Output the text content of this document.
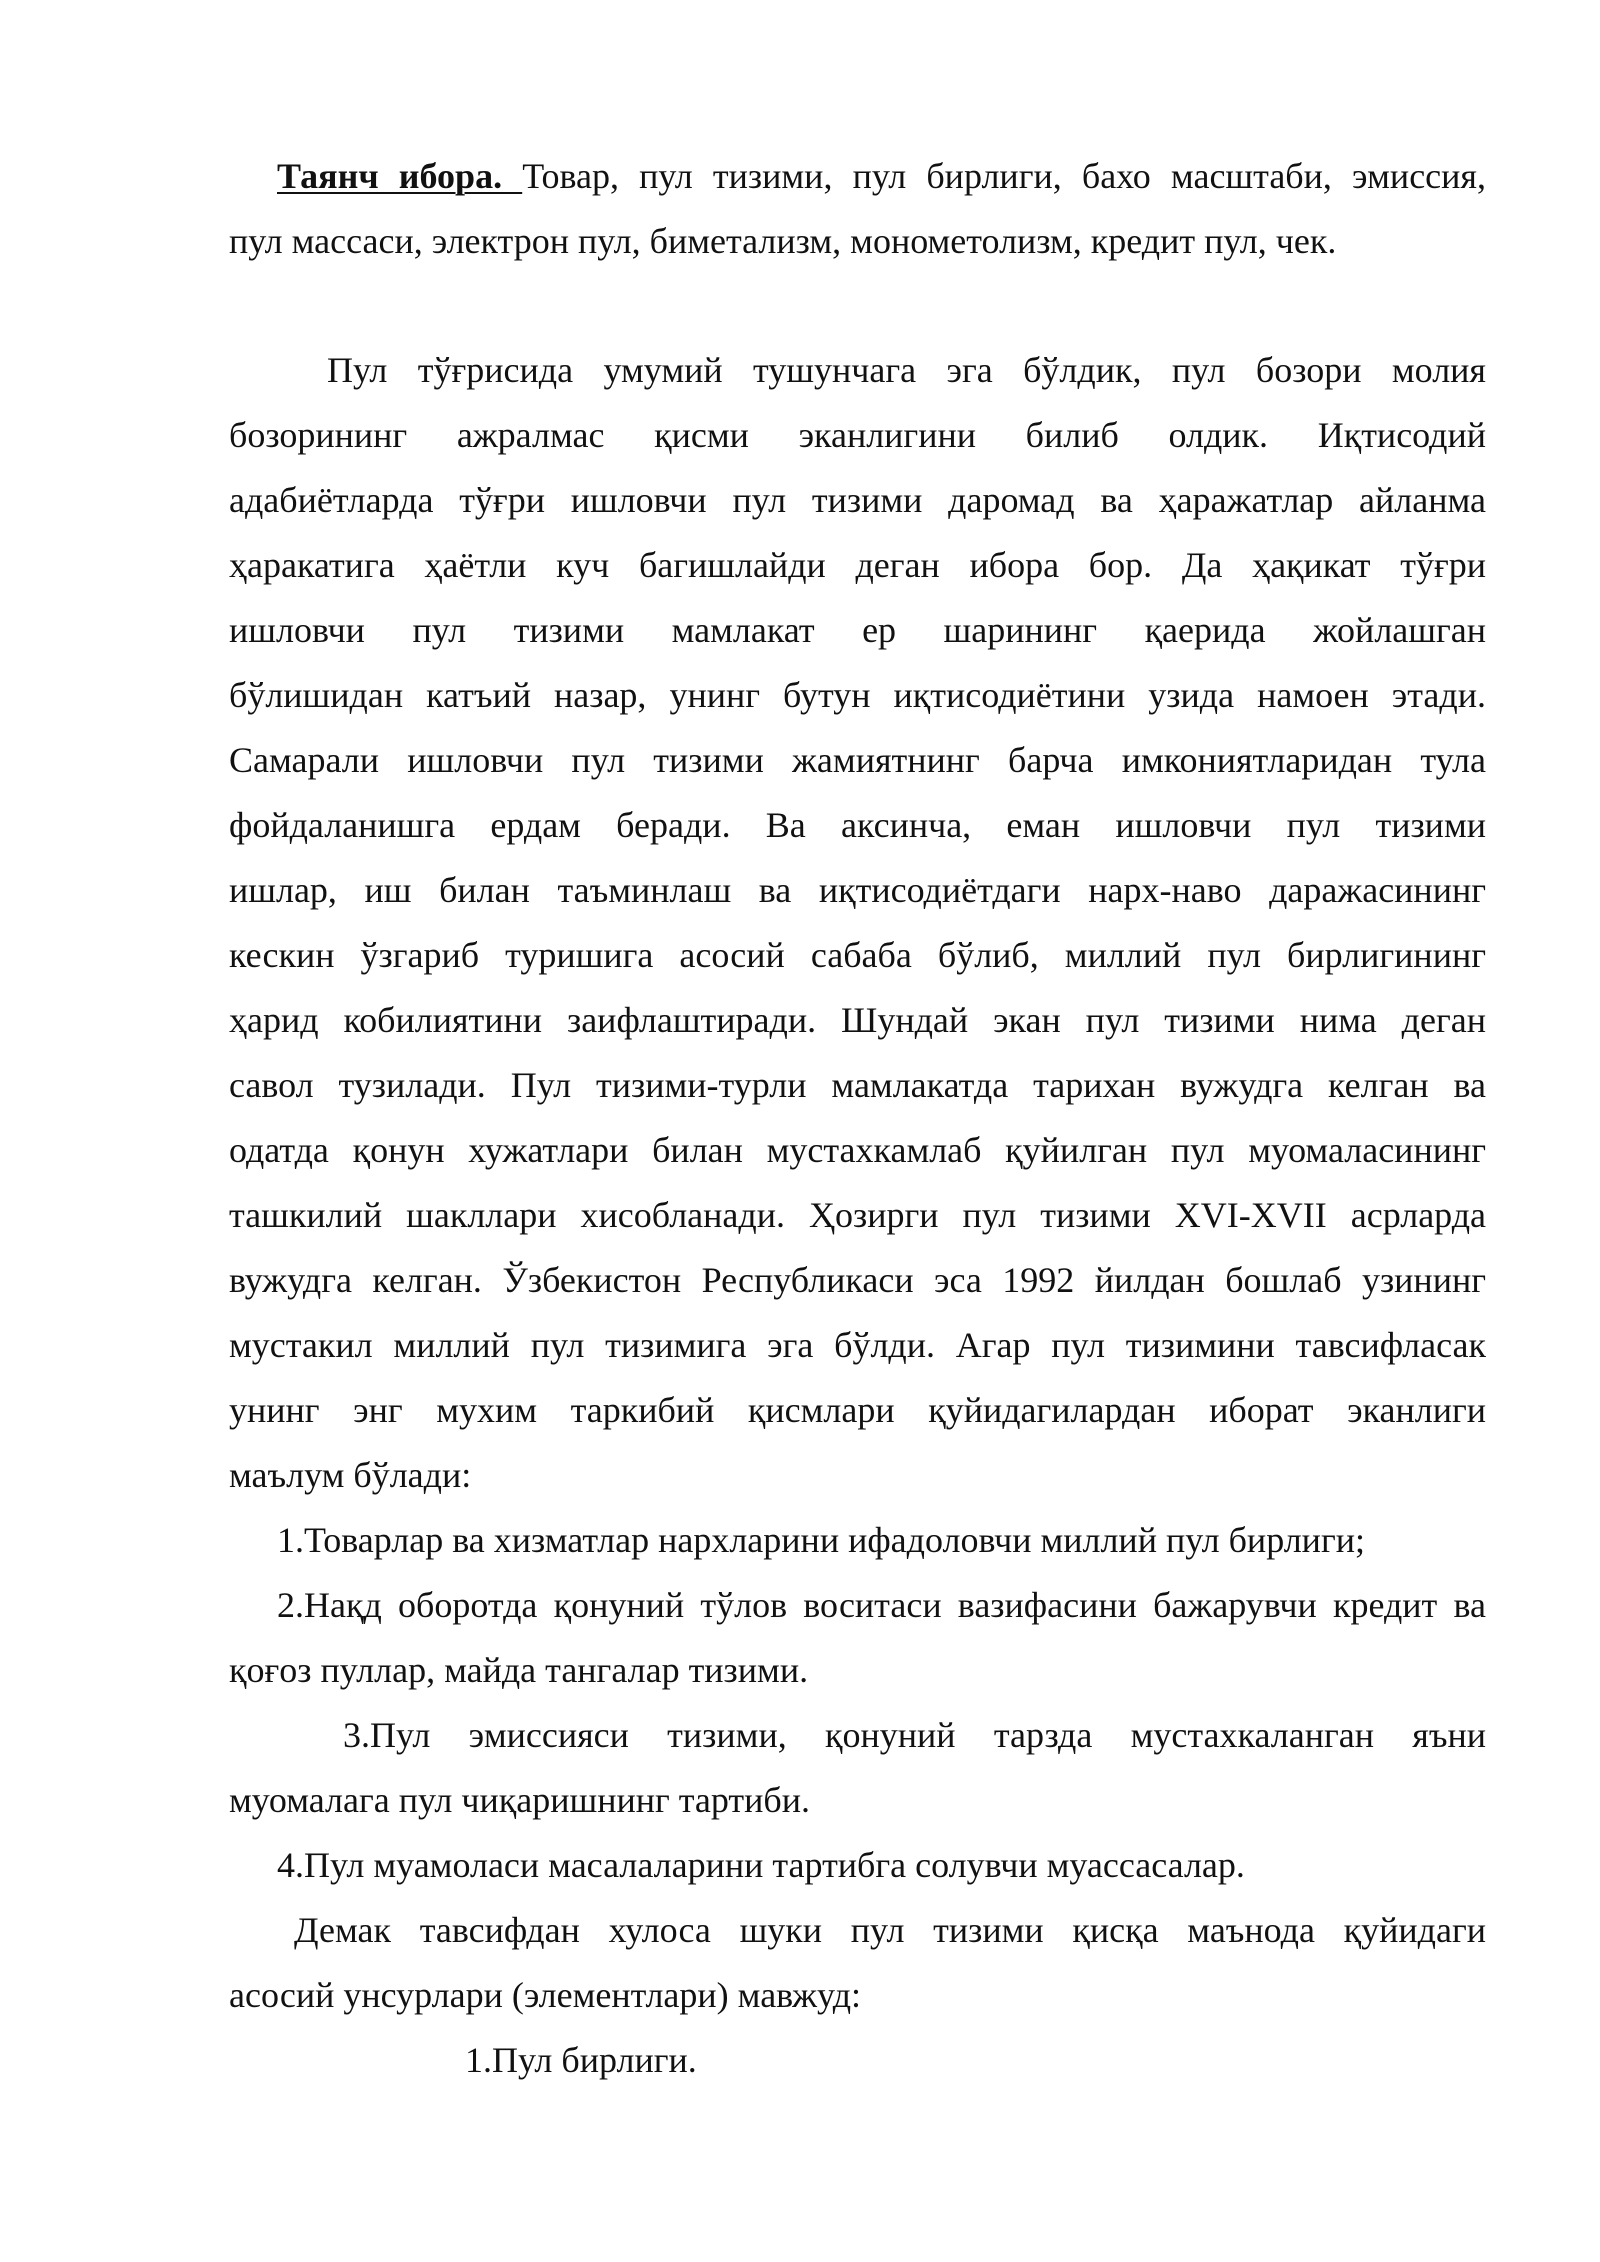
Таянч ибора. Товар, пул тизими, пул бирлиги, бахо масштаби, эмиссия,
пул массаси, электрон пул, биметализм, монометолизм, кредит пул, чек.
Пул тўғрисида умумий тушунчага эга бўлдик, пул бозори молия
бозорининг ажралмас қисми эканлигини билиб олдик. Иқтисодий
адабиётларда тўғри ишловчи пул тизими даромад ва ҳаражатлар айланма
ҳаракатига ҳаётли куч багишлайди деган ибора бор. Да ҳақикат тўғри
ишловчи пул тизими мамлакат ер шарининг қаерида жойлашган
бўлишидан катъий назар, унинг бутун иқтисодиётини узида намоен этади.
Самарали ишловчи пул тизими жамиятнинг барча имкониятларидан тула
фойдаланишга ердам беради. Ва аксинча, еман ишловчи пул тизими
ишлар, иш билан таъминлаш ва иқтисодиётдаги нарх-наво даражасининг
кескин ўзгариб туришига асосий сабаба бўлиб, миллий пул бирлигининг
ҳарид кобилиятини заифлаштиради. Шундай экан пул тизими нима деган
савол тузилади. Пул тизими-турли мамлакатда тарихан вужудга келган ва
одатда қонун хужатлари билан мустахкамлаб қуйилган пул муомаласининг
ташкилий шакллари хисобланади. Ҳозирги пул тизими XVI-XVII асрларда
вужудга келган. Ўзбекистон Республикаси эса 1992 йилдан бошлаб узининг
мустакил миллий пул тизимига эга бўлди. Агар пул тизимини тавсифласак
унинг энг мухим таркибий қисмлари қуйидагилардан иборат эканлиги
маълум бўлади:
1.Товарлар ва хизматлар нархларини ифадоловчи миллий пул бирлиги;
2.Нақд оборотда қонуний тўлов воситаси вазифасини бажарувчи кредит ва
қоғоз пуллар, майда тангалар тизими.
3.Пул эмиссияси тизими, қонуний тарзда мустахкаланган яъни
муомалага пул чиқаришнинг тартиби.
4.Пул муамоласи масалаларини тартибга солувчи муассасалар.
Демак тавсифдан хулоса шуки пул тизими қисқа маънода қуйидаги
асосий унсурлари (элементлари) мавжуд:
1.Пул бирлиги.
